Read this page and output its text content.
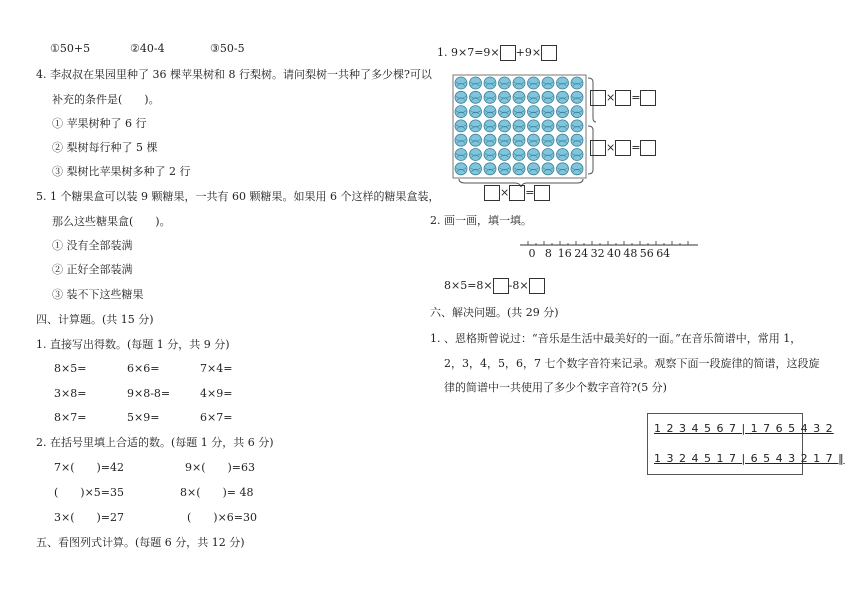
①50+5	②40-4	③50-5
4. 李叔叔在果园里种了 36 棵苹果树和 8 行梨树。请问梨树一共种了多少棵?可以
补充的条件是(　　)。
① 苹果树种了 6 行
② 梨树每行种了 5 棵
③ 梨树比苹果树多种了 2 行
5. 1 个糖果盒可以装 9 颗糖果，一共有 60 颗糖果。如果用 6 个这样的糖果盒装，
那么这些糖果盒(　　)。
① 没有全部装满
② 正好全部装满
③ 装不下这些糖果
四、计算题。(共 15 分)
1. 直接写出得数。(每题 1 分，共 9 分)
8×5=	6×6=	7×4=
3×8=	9×8-8=	4×9=
8×7=	5×9=	6×7=
2. 在括号里填上合适的数。(每题 1 分，共 6 分)
7×(　　)=42	9×(　　)=63
(　　)×5=35	8×(　　)= 48
3×(　　)=27	(　　)×6=30
五、看图列式计算。(每题 6 分，共 12 分)
1. 9×7=9× +9×
× =
× =
× =
2. 画一画，填一填。
0 8 16 24 32 40 48 56 64
8×5=8× -8×
六、解决问题。(共 29 分)
1. 、恩格斯曾说过：“音乐是生活中最美好的一面。”在音乐简谱中，常用 1，
2，3，4，5，6，7 七个数字音符来记录。观察下面一段旋律的简谱，这段旋
律的简谱中一共使用了多少个数字音符?(5 分)
1 2 3 4 5 6 7 | 1 7 6 5 4 3 2
1 3 2 4 5 1 7 | 6 5 4 3 2 1 7 ‖
